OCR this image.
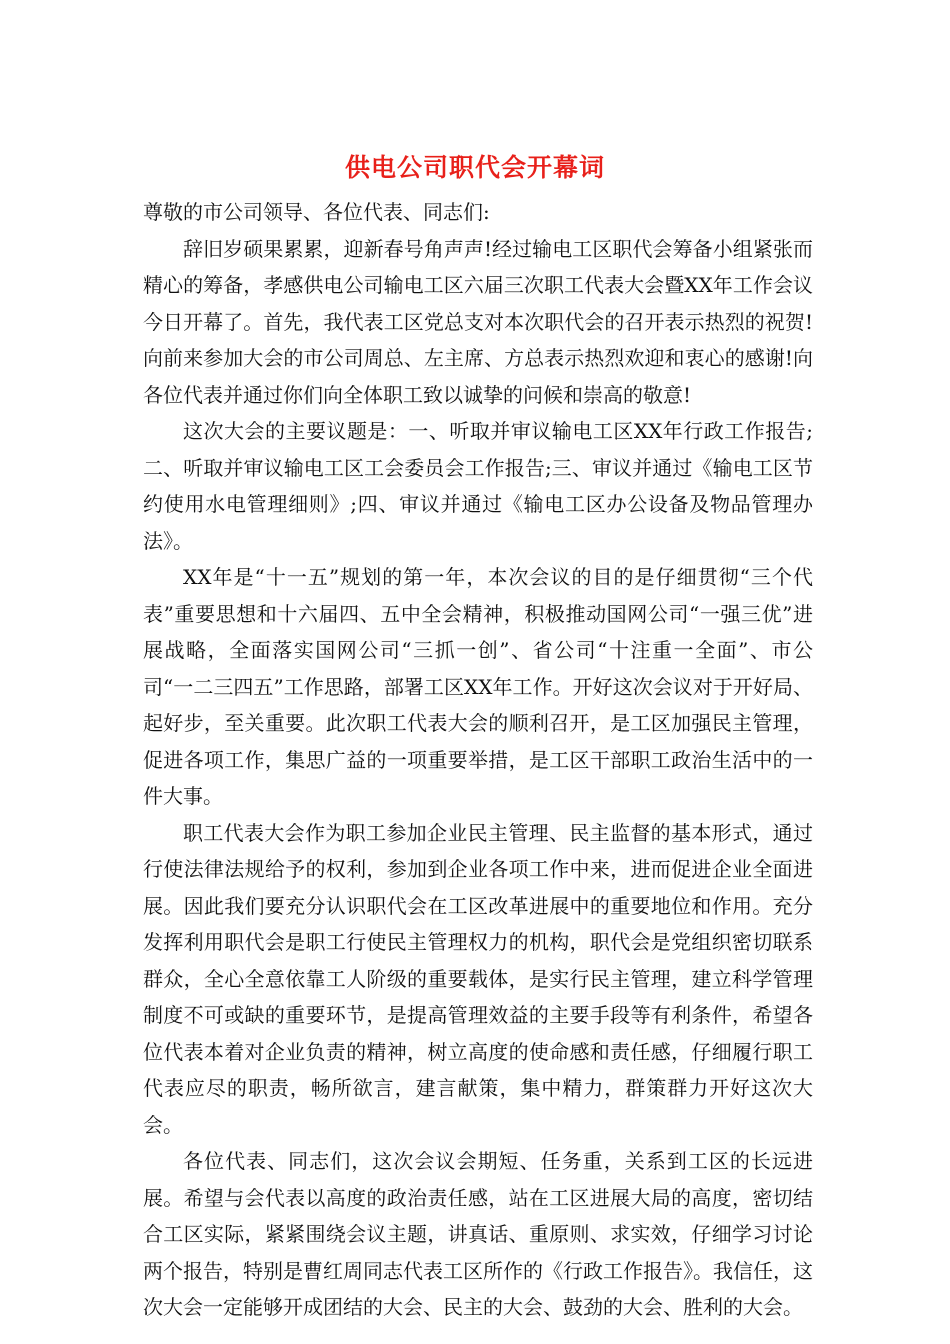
供电公司职代会开幕词

尊敬的市公司领导、各位代表、同志们:

辞旧岁硕果累累，迎新春号角声声!经过输电工区职代会筹备小组紧张而精心的筹备，孝感供电公司输电工区六届三次职工代表大会暨XX年工作会议今日开幕了。首先，我代表工区党总支对本次职代会的召开表示热烈的祝贺!向前来参加大会的市公司周总、左主席、方总表示热烈欢迎和衷心的感谢!向各位代表并通过你们向全体职工致以诚挚的问候和崇高的敬意!

这次大会的主要议题是：一、听取并审议输电工区XX年行政工作报告;二、听取并审议输电工区工会委员会工作报告;三、审议并通过《输电工区节约使用水电管理细则》;四、审议并通过《输电工区办公设备及物品管理办法》。

XX年是“十一五”规划的第一年，本次会议的目的是仔细贯彻“三个代表”重要思想和十六届四、五中全会精神，积极推动国网公司“一强三优”进展战略，全面落实国网公司“三抓一创”、省公司“十注重一全面”、市公司“一二三四五”工作思路，部署工区XX年工作。开好这次会议对于开好局、起好步，至关重要。此次职工代表大会的顺利召开，是工区加强民主管理，促进各项工作，集思广益的一项重要举措，是工区干部职工政治生活中的一件大事。

职工代表大会作为职工参加企业民主管理、民主监督的基本形式，通过行使法律法规给予的权利，参加到企业各项工作中来，进而促进企业全面进展。因此我们要充分认识职代会在工区改革进展中的重要地位和作用。充分发挥利用职代会是职工行使民主管理权力的机构，职代会是党组织密切联系群众，全心全意依靠工人阶级的重要载体，是实行民主管理，建立科学管理制度不可或缺的重要环节，是提高管理效益的主要手段等有利条件，希望各位代表本着对企业负责的精神，树立高度的使命感和责任感，仔细履行职工代表应尽的职责，畅所欲言，建言献策，集中精力，群策群力开好这次大会。

各位代表、同志们，这次会议会期短、任务重，关系到工区的长远进展。希望与会代表以高度的政治责任感，站在工区进展大局的高度，密切结合工区实际，紧紧围绕会议主题，讲真话、重原则、求实效，仔细学习讨论两个报告，特别是曹红周同志代表工区所作的《行政工作报告》。我信任，这次大会一定能够开成团结的大会、民主的大会、鼓劲的大会、胜利的大会。
